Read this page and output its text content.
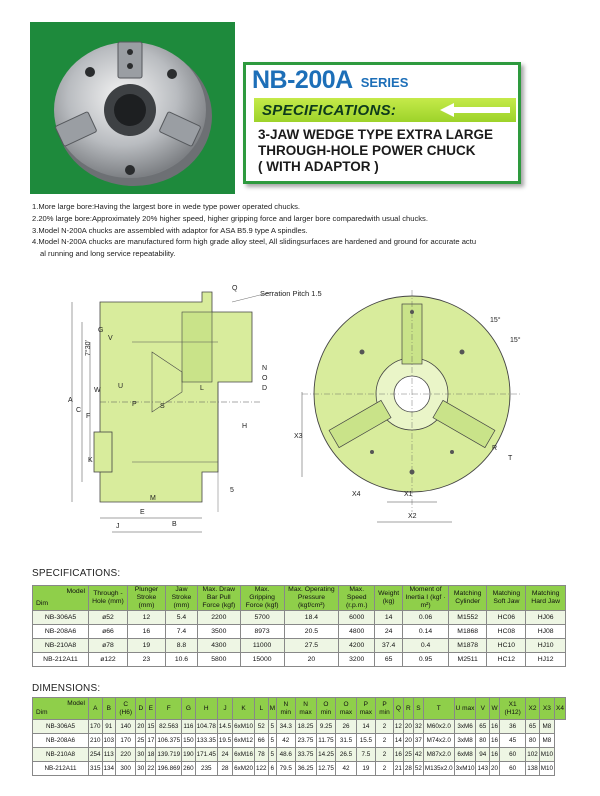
NB-200A SERIES
SPECIFICATIONS:
3-JAW WEDGE TYPE EXTRA LARGE
THROUGH-HOLE POWER CHUCK
( WITH ADAPTOR )
1.More large bore:Having the largest bore in wede type power operated chucks.
2.20% large bore:Approximately 20% higher speed, higher gripping force and larger bore comparedwith usual chucks.
3.Model N-200A chucks are assembled with adaptor for ASA B5.9 type A spindles.
4.Model N-200A chucks are manufactured form high grade alloy steel, All slidingsurfaces are hardened and ground for accurate actu
al running and long service repeatability.
Serration Pitch 1.5
7°30'
Q
G
V
N
O
D
U
W
P	S
L
H
K
J
E
M
B
A
C
F
5
X3
X4	X1
X2
R
T
15°
15°
SPECIFICATIONS:
Model
Dim	Through -Hole (mm)	Plunger Stroke (mm)	Jaw Stroke (mm)	Max. Draw Bar Pull Force (kgf)	Max. Gripping Force (kgf)	Max. Operating Pressure (kgf/cm²)	Max. Speed (r.p.m.)	Weight (kg)	Moment of Inertia I (kgf · m²)	Matching Cylinder	Matching Soft Jaw	Matching Hard Jaw
NB-306A5	ø52	12	5.4	2200	5700	18.4	6000	14	0.06	M1552	HC06	HJ06
NB-208A6	ø66	16	7.4	3500	8973	20.5	4800	24	0.14	M1868	HC08	HJ08
NB-210A8	ø78	19	8.8	4300	11000	27.5	4200	37.4	0.4	M1878	HC10	HJ10
NB-212A11	ø122	23	10.6	5800	15000	20	3200	65	0.95	M2511	HC12	HJ12
DIMENSIONS:
Model
Dim	A	B	C (H6)	D	E	F	G	H	J	K	L	M	N min	N max	O min	O max	P max	P min	Q	R	S	T	U max	V	W	X1 (H12)	X2	X3	X4
NB-306A5	170	91	140	20	15	82.563	116	104.78	14.5	6xM10	52	5	34.3	18.25	9.25	26	14	2	12	20	32	M60x2.0	3xM6	65	16	36	65	M8	
NB-208A6	210	103	170	25	17	106.375	150	133.35	19.5	6xM12	66	5	42	23.75	11.75	31.5	15.5	2	14	20	37	M74x2.0	3xM8	80	16	45	80	M8	
NB-210A8	254	113	220	30	18	139.719	190	171.45	24	6xM16	78	5	48.6	33.75	14.25	26.5	7.5	2	16	25	42	M87x2.0	6xM8	94	16	60	102	M10	
NB-212A11	315	134	300	30	22	196.869	260	235	28	6xM20	122	6	79.5	36.25	12.75	42	19	2	21	28	52	M135x2.0	3xM10	143	20	60	138	M10	
